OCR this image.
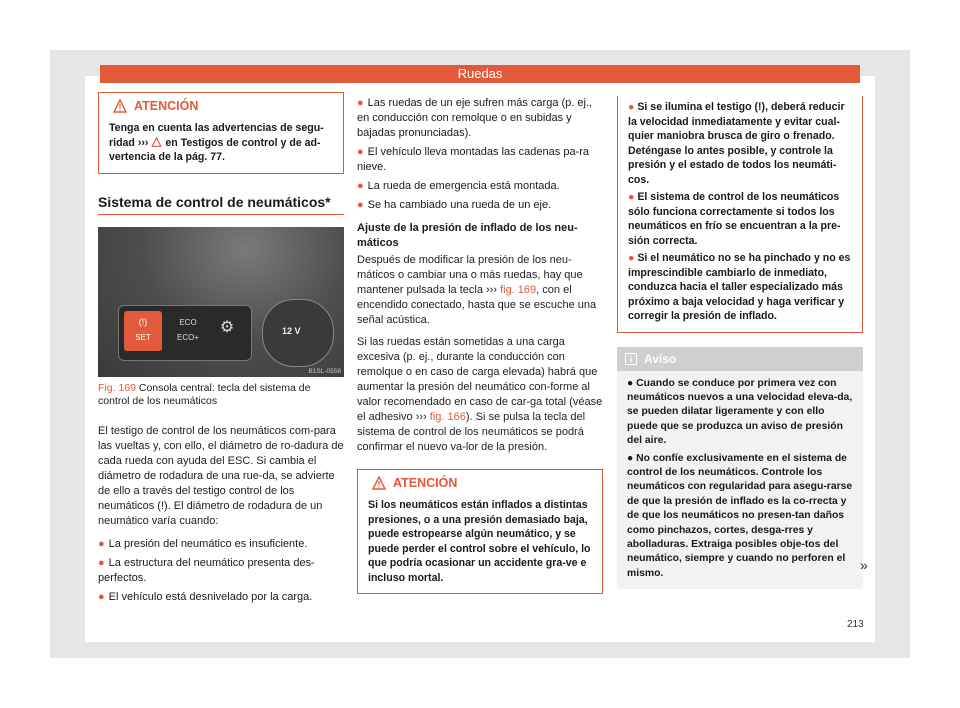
Ruedas
ATENCIÓN
Tenga en cuenta las advertencias de segu-ridad ›››  en Testigos de control y de ad-vertencia de la pág. 77.
Sistema de control de neumáticos*
(!)
SET
ECO
ECO+
⚙	12 V
B1SL-0558
Fig. 169 Consola central: tecla del sistema de control de los neumáticos

El testigo de control de los neumáticos com-para las vueltas y, con ello, el diámetro de ro-dadura de cada rueda con ayuda del ESC. Si cambia el diámetro de rodadura de una rue-da, se advierte de ello a través del testigo control de los neumáticos (!). El diámetro de rodadura de un neumático varía cuando:

● La presión del neumático es insuficiente.
● La estructura del neumático presenta des-perfectos.
● El vehículo está desnivelado por la carga.
● Las ruedas de un eje sufren más carga (p. ej., en conducción con remolque o en subidas y bajadas pronunciadas).
● El vehículo lleva montadas las cadenas pa-ra nieve.
● La rueda de emergencia está montada.
● Se ha cambiado una rueda de un eje.
Ajuste de la presión de inflado de los neu-máticos

Después de modificar la presión de los neu-máticos o cambiar una o más ruedas, hay que mantener pulsada la tecla ››› fig. 169, con el encendido conectado, hasta que se escuche una señal acústica.

Si las ruedas están sometidas a una carga excesiva (p. ej., durante la conducción con remolque o en caso de carga elevada) habrá que aumentar la presión del neumático con-forme al valor recomendado en caso de car-ga total (véase el adhesivo ››› fig. 166). Si se pulsa la tecla del sistema de control de los neumáticos se podrá confirmar el nuevo va-lor de la presión.

ATENCIÓN
Si los neumáticos están inflados a distintas presiones, o a una presión demasiado baja, puede estropearse algún neumático, y se puede perder el control sobre el vehículo, lo que podría ocasionar un accidente gra-ve e incluso mortal.
● Si se ilumina el testigo (!), deberá reducir la velocidad inmediatamente y evitar cual-quier maniobra brusca de giro o frenado. Deténgase lo antes posible, y controle la presión y el estado de todos los neumáti-cos.
● El sistema de control de los neumáticos sólo funciona correctamente si todos los neumáticos en frío se encuentran a la pre-sión correcta.
● Si el neumático no se ha pinchado y no es imprescindible cambiarlo de inmediato, conduzca hacia el taller especializado más próximo a baja velocidad y haga verificar y corregir la presión de inflado.
Aviso
● Cuando se conduce por primera vez con neumáticos nuevos a una velocidad eleva-da, se pueden dilatar ligeramente y con ello puede que se produzca un aviso de presión del aire.
● No confíe exclusivamente en el sistema de control de los neumáticos. Controle los neumáticos con regularidad para asegu-rarse de que la presión de inflado es la co-rrecta y de que los neumáticos no presen-tan daños como pinchazos, cortes, desga-rres y abolladuras. Extraiga posibles obje-tos del neumático, siempre y cuando no perforen el mismo.
»
213
